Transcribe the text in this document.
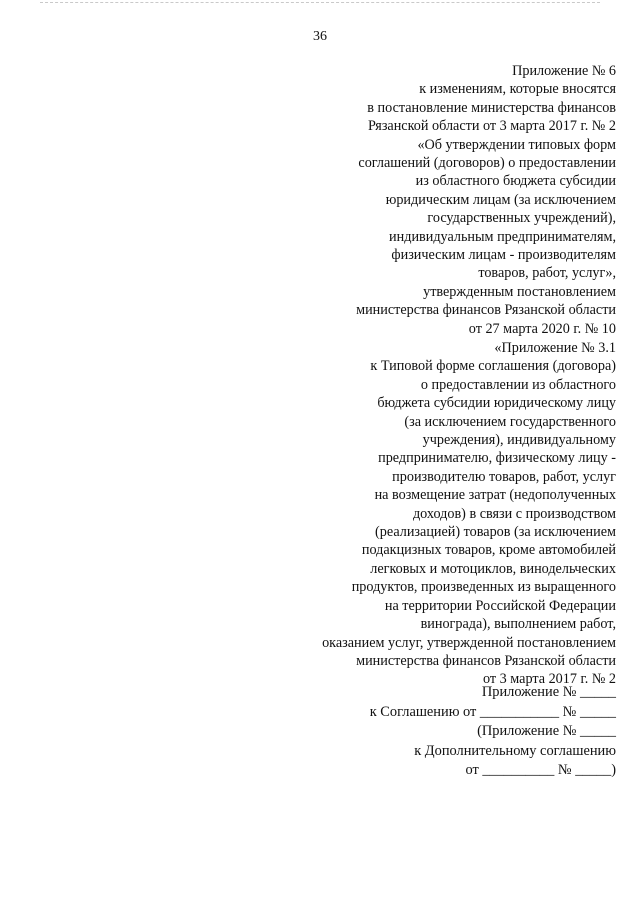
36
Приложение № 6
к изменениям, которые вносятся
в постановление министерства финансов
Рязанской области от 3 марта 2017 г. № 2
«Об утверждении типовых форм
соглашений (договоров) о предоставлении
из областного бюджета субсидии
юридическим лицам (за исключением
государственных учреждений),
индивидуальным предпринимателям,
физическим лицам - производителям
товаров, работ, услуг»,
утвержденным постановлением
министерства финансов Рязанской области
от 27 марта 2020 г. № 10
«Приложение № 3.1
к Типовой форме соглашения (договора)
о предоставлении из областного
бюджета субсидии юридическому лицу
(за исключением государственного
учреждения), индивидуальному
предпринимателю, физическому лицу -
производителю товаров, работ, услуг
на возмещение затрат (недополученных
доходов) в связи с производством
(реализацией) товаров (за исключением
подакцизных товаров, кроме автомобилей
легковых и мотоциклов, винодельческих
продуктов, произведенных из выращенного
на территории Российской Федерации
винограда), выполнением работ,
оказанием услуг, утвержденной постановлением
министерства финансов Рязанской области
от 3 марта 2017 г. № 2
Приложение № _____
к Соглашению от ___________ № _____
(Приложение № _____
к Дополнительному соглашению
от __________ № _____)
